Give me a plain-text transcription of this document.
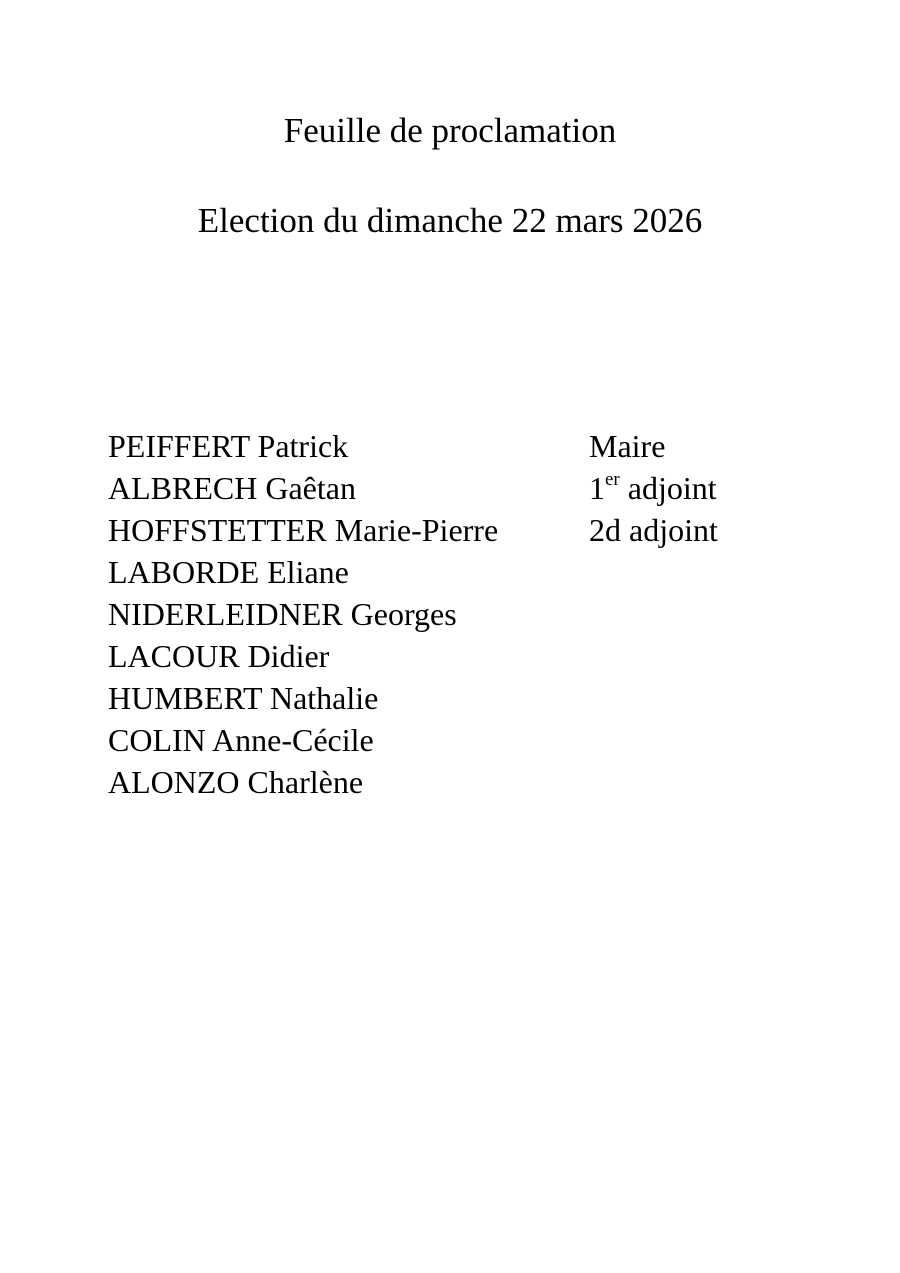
Feuille de proclamation
Election du dimanche 22 mars 2026
PEIFFERT Patrick	Maire
ALBRECH Gaêtan	1er adjoint
HOFFSTETTER Marie-Pierre	2d adjoint
LABORDE Eliane
NIDERLEIDNER Georges
LACOUR Didier
HUMBERT Nathalie
COLIN Anne-Cécile
ALONZO Charlène
